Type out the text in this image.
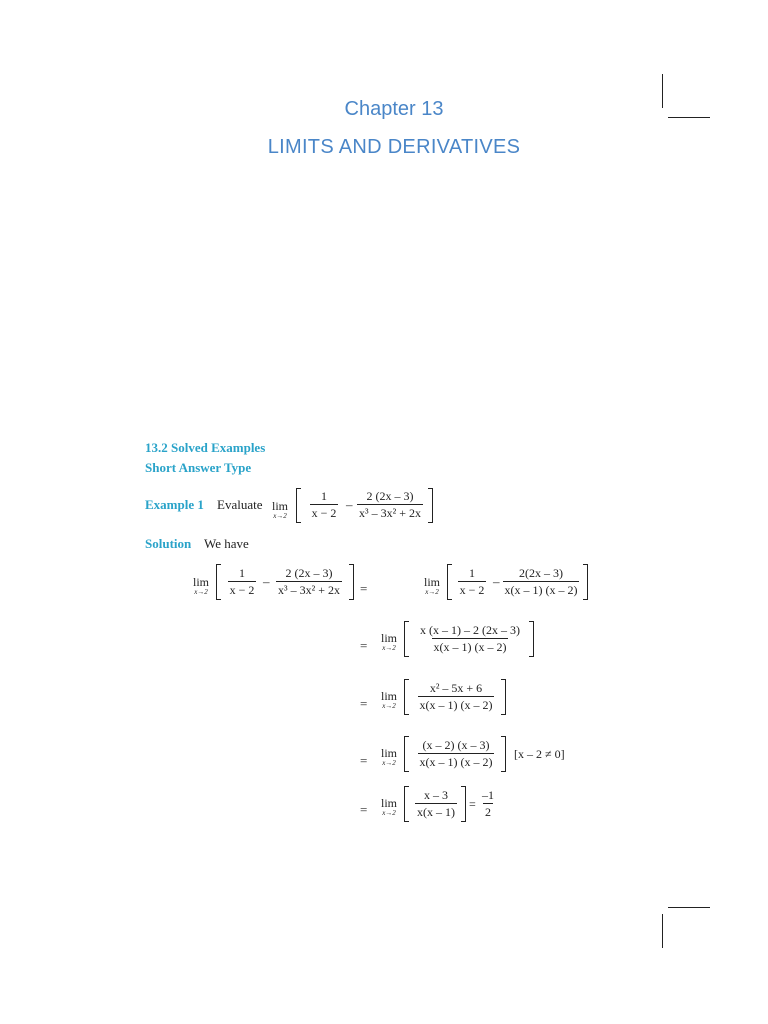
Chapter 13
LIMITS AND DERIVATIVES
13.2 Solved Examples
Short Answer Type
Example 1 Evaluate lim
$x\to 2 \frac{1}{x - 2} - \frac{2 (2x - 3)}{\text{x³ – 3x² + 2x}}$
Solution We have
lim
$x\to 2 \frac{1}{x - 2} - \frac{2 (2x - 3)}{\text{x³ – 3x² + 2x}}$ =	lim
$x\to 2 \frac{1}{x - 2} - \frac{2(2x - 3)}{x(x - 1) (x - 2)}$
= lim
$x\to 2 \frac{x (x - 1) - 2 (2x - 3)}{x(x - 1) (x - 2)}$
= lim
$x\to 2 \frac{\text{x² – 5x + 6}}{x(x - 1) (x - 2)}$
= lim
$x\to 2 \frac{(x - 2) (x - 3)}{x(x - 1) (x - 2)} [x - 2 \ne 0]$
= lim
$x\to 2 \frac{x - 3}{x(x - 1)} = \frac{-1}{2}$
